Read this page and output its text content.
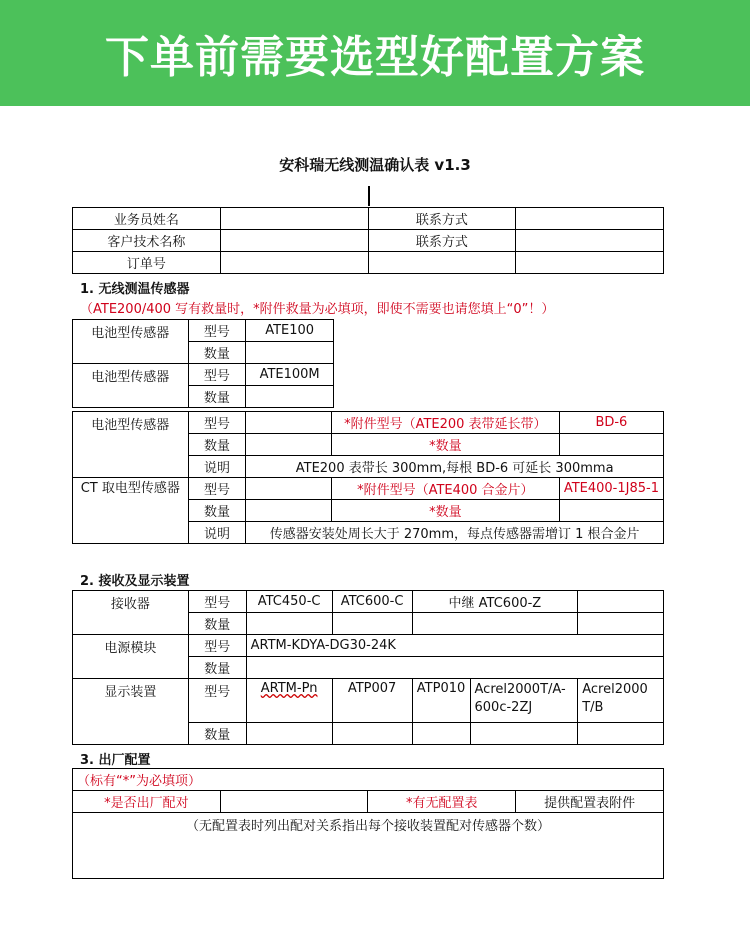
下单前需要选型好配置方案
安科瑞无线测温确认表 v1.3
业务员姓名		联系方式	
客户技术名称		联系方式	
订单号			
1. 无线测温传感器
（ATE200/400 写有救量时，*附件救量为必填项，即使不需要也请您填上“0”！）
电池型传感器	型号	ATE100
	数量	
电池型传感器	型号	ATE100M
	数量	
电池型传感器	型号		*附件型号（ATE200 表带延长带）	BD-6
	数量		*数量	
	说明	ATE200 表带长 300mm,每根 BD-6 可延长 300mma		
CT 取电型传感器	型号		*附件型号（ATE400 合金片）	ATE400-1J85-1
	数量		*数量	
	说明	传感器安装处周长大于 270mm，每点传感器需增订 1 根合金片		
2. 接收及显示装置
接收器	型号	ATC450-C	ATC600-C	中继 ATC600-Z		
	数量					
电源模块	型号	ARTM-KDYA-DG30-24K				
	数量					
显示装置	型号	ARTM-Pn	ATP007	ATP010	Acrel2000T/A-600c-2ZJ	Acrel2000T/B
	数量					
3. 出厂配置
（标有“*”为必填项）
*是否出厂配对		*有无配置表	提供配置表附件
（无配置表时列出配对关系指出每个接收装置配对传感器个数）
